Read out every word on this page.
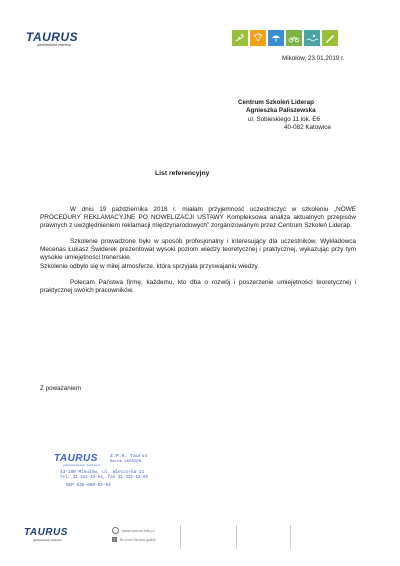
TAURUS
gdziekolwiek jedziesz
Mikołów, 23.01.2019 r.
Centrum Szkoleń Liderap
Agnieszka Paliszewska
ul. Sobieskiego 11 lok. E6
40-082 Katowice
List referencyjny
W dniu 19 października 2018 r. miałam przyjemność uczestniczyć w szkoleniu „NOWE PROCEDURY REKLAMACYJNE PO NOWELIZACJI USTAWY Kompleksowa analiza aktualnych przepisów prawnych z uwzględnieniem reklamacji międzynarodowych” zorganizowanym przez Centrum Szkoleń Liderap.
Szkolenie prowadzone było w sposób profesjonalny i interesujący dla uczestników. Wykładowca Mecenas Łukasz Świderek prezentował wysoki poziom wiedzy teoretycznej i praktycznej, wykazując przy tym wysokie umiejętności trenerskie.
Szkolenie odbyło się w miłej atmosferze, która sprzyjała przyswajaniu wiedzy.
Polecam Państwa firmę, każdemu, kto dba o rozwój i poszerzenie umiejętności teoretycznej i praktycznej swoich pracowników.
Z poważaniem
TAURUS
gdziekolwiek jedziesz
Z.P.H. Taurus
Marek ZERSZEN
43-190 Mikołów, ul. Wieczorka 11
tel. 32-322-13-64, fax 32-322-13-65
NIP 635-000-62-94
TAURUS
gdziekolwiek jedziesz
www.taurus.info.pl
f	fb.com/Taurus.gdzie
